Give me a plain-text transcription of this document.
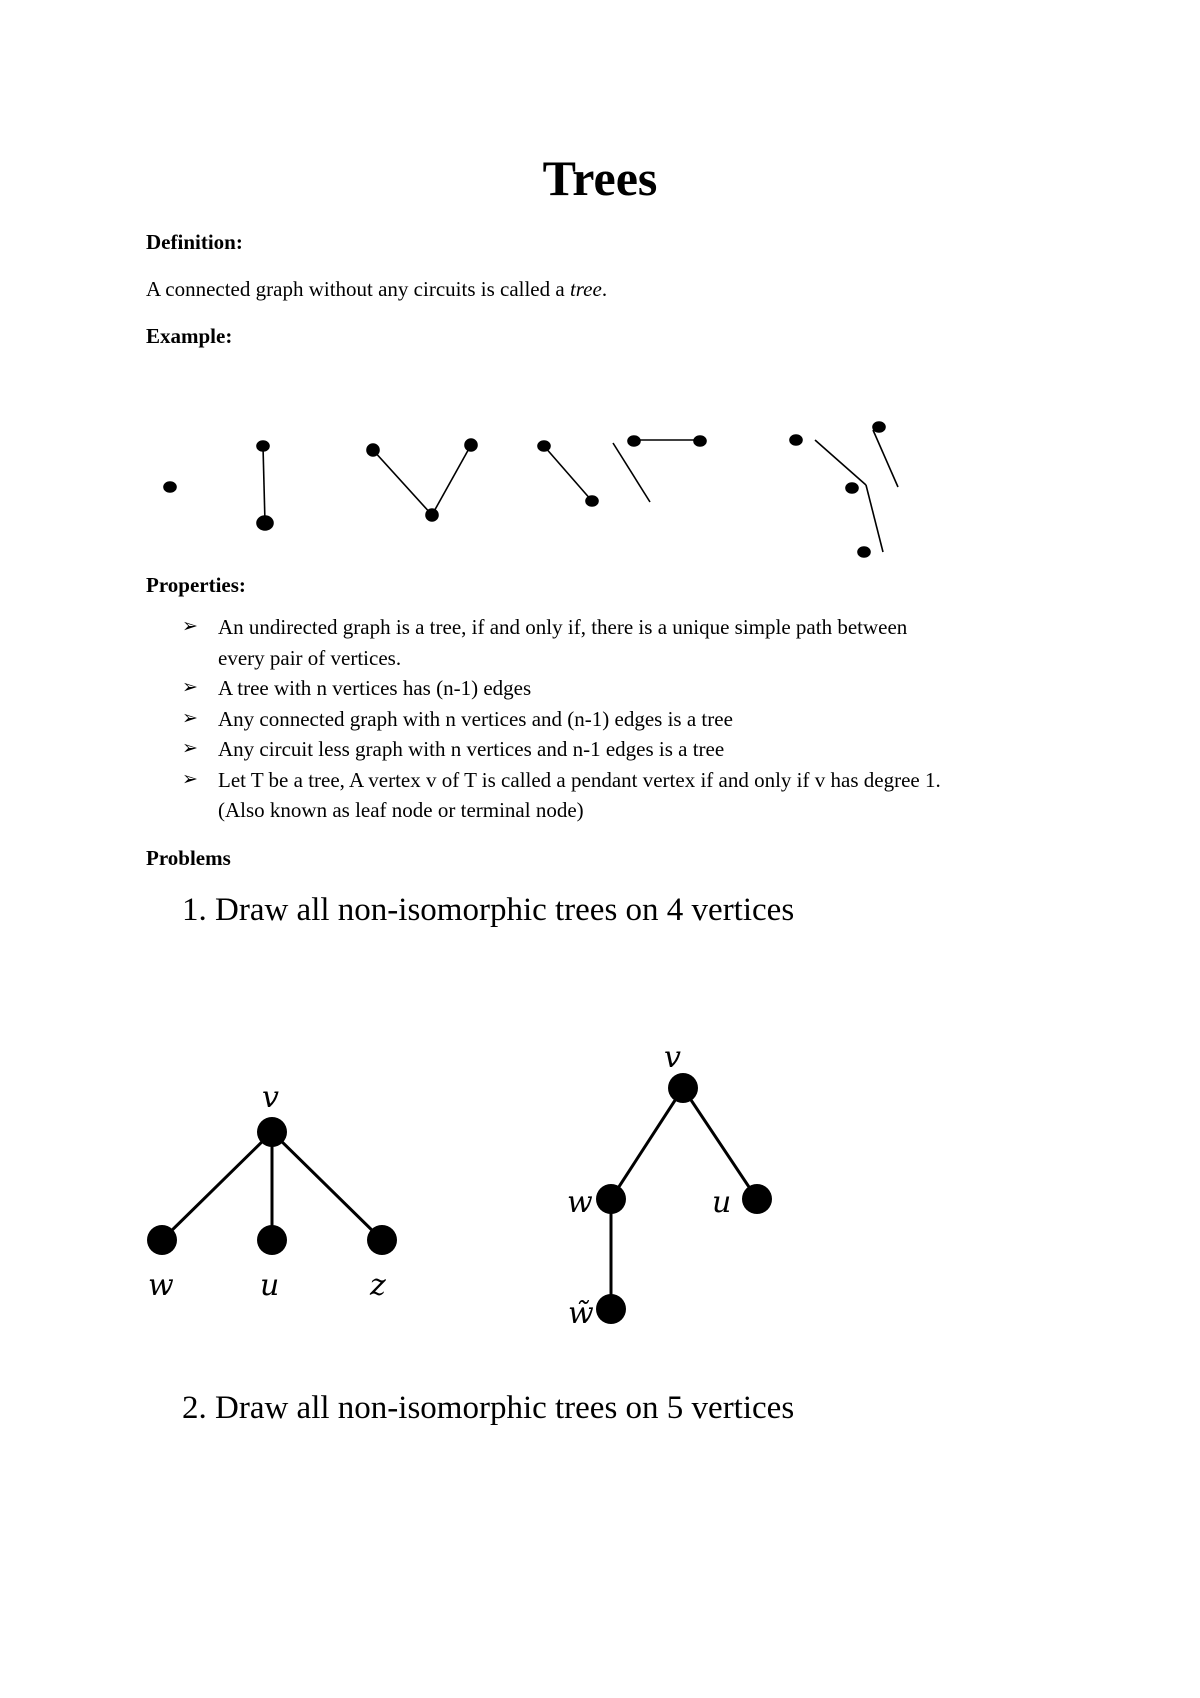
Trees
Definition:
A connected graph without any circuits is called a tree.
Example:
v
w	u	z
v
w	u
w̃
Properties:
➢ An undirected graph is a tree, if and only if, there is a unique simple path between
every pair of vertices.
➢ A tree with n vertices has (n-1) edges
➢ Any connected graph with n vertices and (n-1) edges is a tree
➢ Any circuit less graph with n vertices and n-1 edges is a tree
➢ Let T be a tree, A vertex v of T is called a pendant vertex if and only if v has degree 1.
(Also known as leaf node or terminal node)
Problems
1. Draw all non-isomorphic trees on 4 vertices
2. Draw all non-isomorphic trees on 5 vertices
